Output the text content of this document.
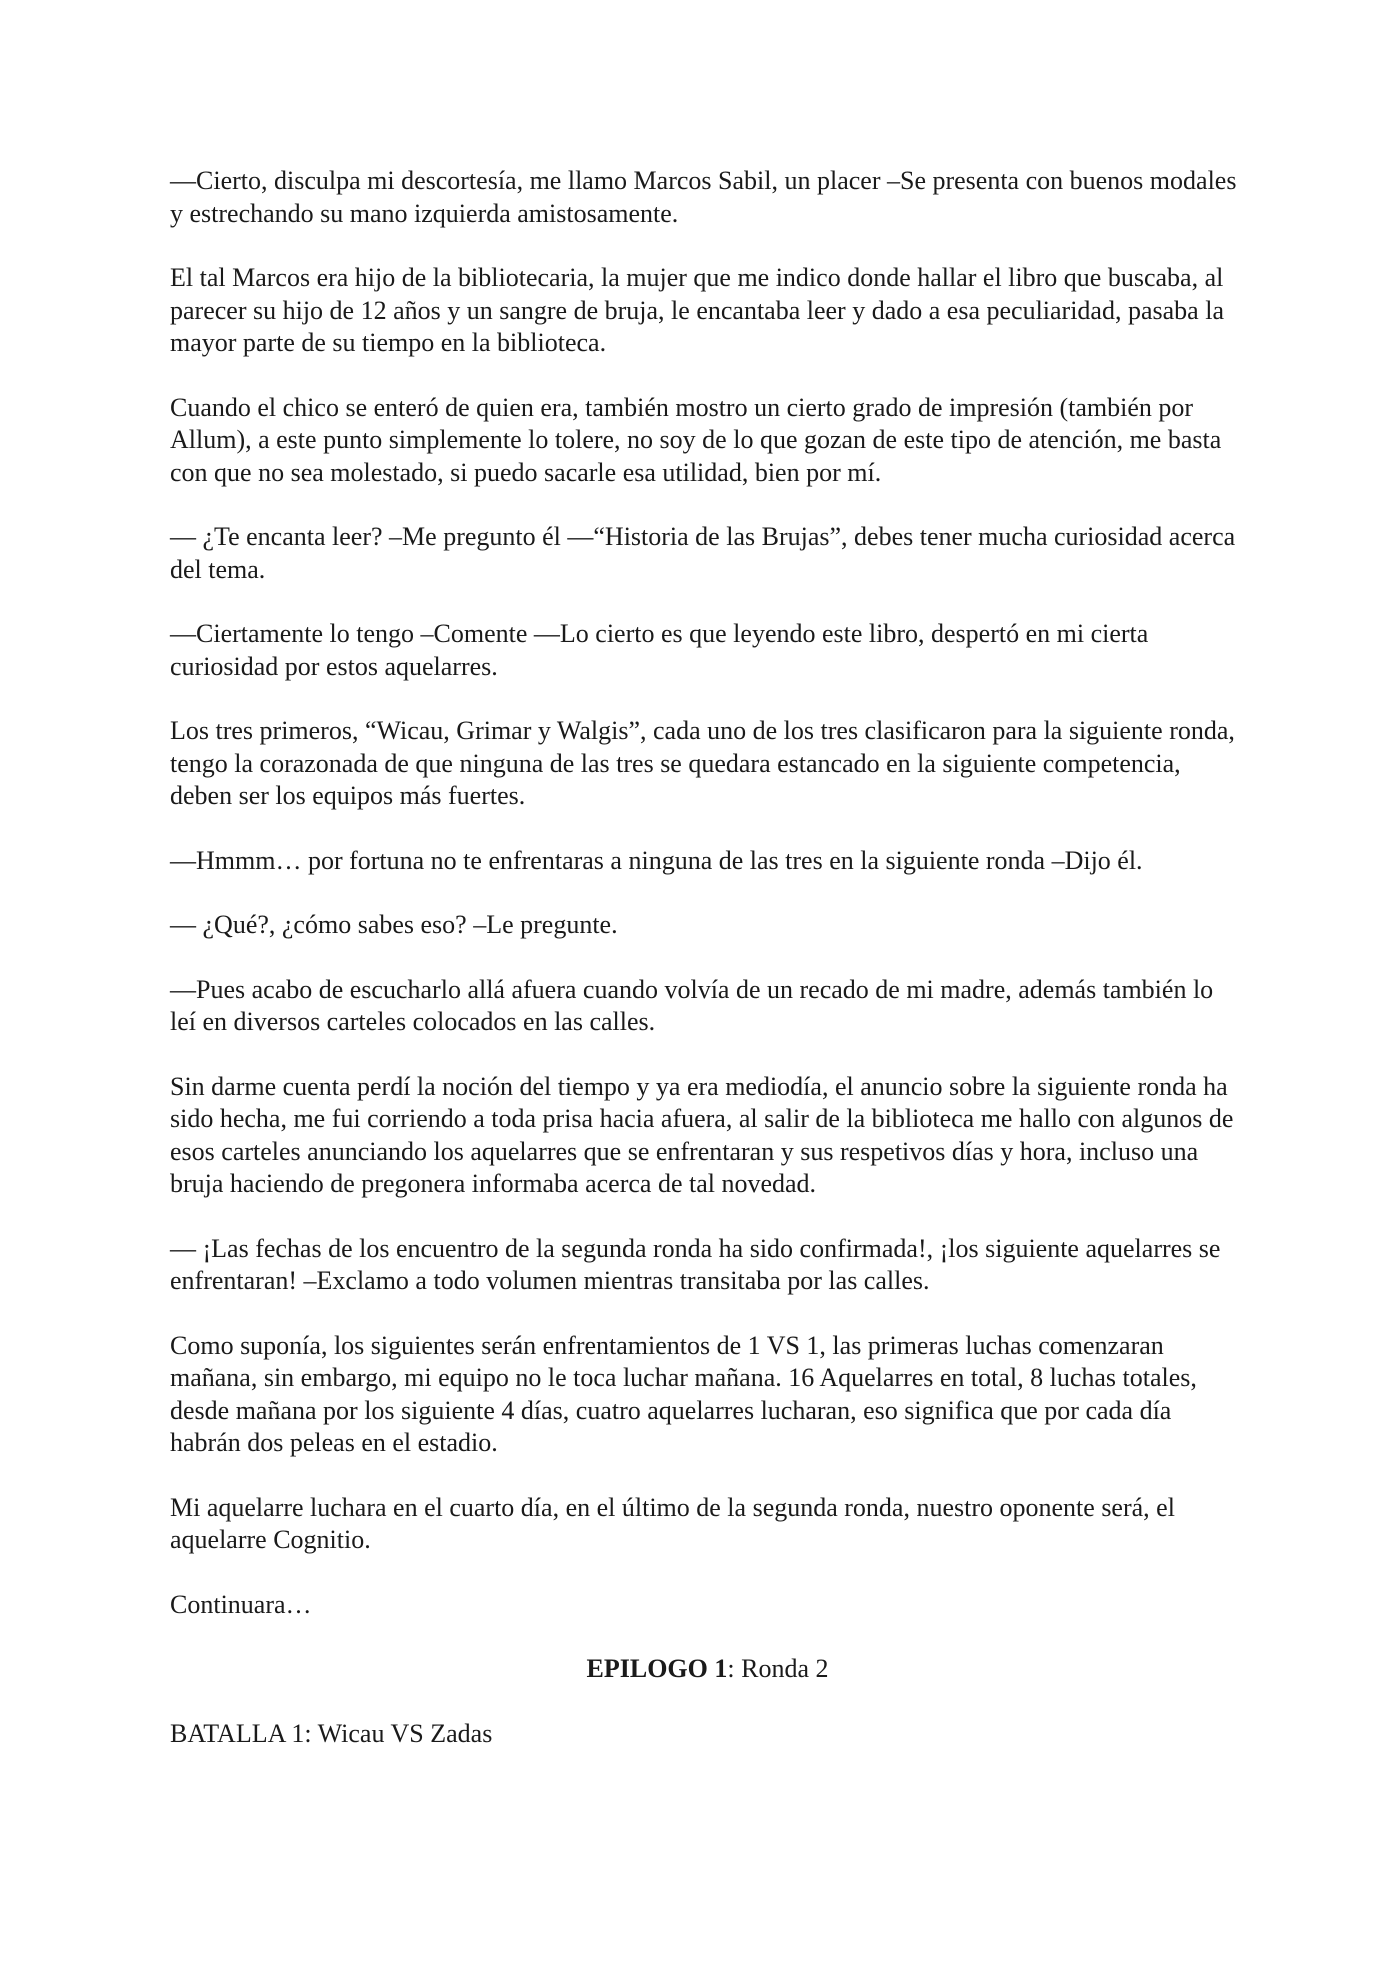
—Cierto, disculpa mi descortesía, me llamo Marcos Sabil, un placer –Se presenta con buenos modales y estrechando su mano izquierda amistosamente.

El tal Marcos era hijo de la bibliotecaria, la mujer que me indico donde hallar el libro que buscaba, al parecer su hijo de 12 años y un sangre de bruja, le encantaba leer y dado a esa peculiaridad, pasaba la mayor parte de su tiempo en la biblioteca.

Cuando el chico se enteró de quien era, también mostro un cierto grado de impresión (también por Allum), a este punto simplemente lo tolere, no soy de lo que gozan de este tipo de atención, me basta con que no sea molestado, si puedo sacarle esa utilidad, bien por mí.

— ¿Te encanta leer? –Me pregunto él —“Historia de las Brujas”, debes tener mucha curiosidad acerca del tema.

—Ciertamente lo tengo –Comente —Lo cierto es que leyendo este libro, despertó en mi cierta curiosidad por estos aquelarres.

Los tres primeros, “Wicau, Grimar y Walgis”, cada uno de los tres clasificaron para la siguiente ronda, tengo la corazonada de que ninguna de las tres se quedara estancado en la siguiente competencia, deben ser los equipos más fuertes.

—Hmmm… por fortuna no te enfrentaras a ninguna de las tres en la siguiente ronda –Dijo él.

— ¿Qué?, ¿cómo sabes eso? –Le pregunte.

—Pues acabo de escucharlo allá afuera cuando volvía de un recado de mi madre, además también lo leí en diversos carteles colocados en las calles.

Sin darme cuenta perdí la noción del tiempo y ya era mediodía, el anuncio sobre la siguiente ronda ha sido hecha, me fui corriendo a toda prisa hacia afuera, al salir de la biblioteca me hallo con algunos de esos carteles anunciando los aquelarres que se enfrentaran y sus respetivos días y hora, incluso una bruja haciendo de pregonera informaba acerca de tal novedad.

— ¡Las fechas de los encuentro de la segunda ronda ha sido confirmada!, ¡los siguiente aquelarres se enfrentaran! –Exclamo a todo volumen mientras transitaba por las calles.

Como suponía, los siguientes serán enfrentamientos de 1 VS 1, las primeras luchas comenzaran mañana, sin embargo, mi equipo no le toca luchar mañana. 16 Aquelarres en total, 8 luchas totales, desde mañana por los siguiente 4 días, cuatro aquelarres lucharan, eso significa que por cada día habrán dos peleas en el estadio.

Mi aquelarre luchara en el cuarto día, en el último de la segunda ronda, nuestro oponente será, el aquelarre Cognitio.

Continuara…

EPILOGO 1: Ronda 2

BATALLA 1: Wicau VS Zadas
